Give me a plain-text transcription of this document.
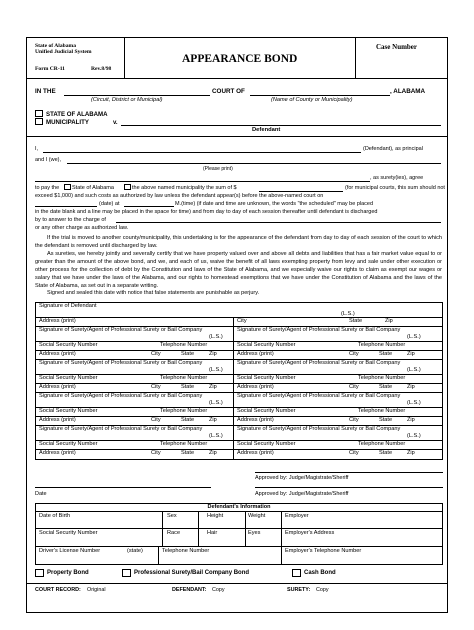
State of Alabama
Unified Judicial System
Form CR-11	Rev.8/98
APPEARANCE BOND
Case Number
IN THE	COURT OF	, ALABAMA
(Circuit, District or Municipal)	(Name of County or Municipality)
STATE OF ALABAMA
MUNICIPALITY	v.
Defendant
I,	(Defendant), as principal
and I (we),
(Please print)
, as surety(ies), agree
to pay the State of Alabama	the above named municipality the sum of $	(for municipal courts, this sum should not
exceed $1,000) and such costs as authorized by law unless the defendant appear(s) before the above-named court on
(date) at	M.(time) (if date and time are unknown, the words "the scheduled" may be placed
in the date blank and a line may be placed in the space for time) and from day to day of each session thereafter until defendant is discharged
by to answer to the charge of
or any other charge as authorized law.
If the trial is moved to another county/municipality, this undertaking is for the appearance of the defendant from day to day of each session of the court to which the defendant is removed until discharged by law.
As sureties, we hereby jointly and severally certify that we have property valued over and above all debts and liabilities that has a fair market value equal to or greater than the amount of the above bond, and we, and each of us, waive the benefit of all laws exempting property from levy and sale under other execution or other process for the collection of debt by the Constitution and laws of the State of Alabama, and we especially waive our rights to claim as exempt our wages or salary that we have under the laws of the Alabama, and our rights to homestead exemptions that we have under the Constitution of Alabama and the laws of the State of Alabama, as set out in a separate writing.
Signed and sealed this date with notice that false statements are punishable as perjury.
Signature of Defendant
(L.S.)
Address (print)	City	State	Zip
Signature of Surety/Agent of Professional Surety or Bail Company
(L.S.)
Social Security Number	Telephone Number
Address (print)	City	State	Zip
Signature of Surety/Agent of Professional Surety or Bail Company
(L.S.)
Social Security Number	Telephone Number
Address (print)	City	State	Zip
Signature of Surety/Agent of Professional Surety or Bail Company
(L.S.)
Social Security Number	Telephone Number
Address (print)	City	State	Zip
Signature of Surety/Agent of Professional Surety or Bail Company
(L.S.)
Social Security Number	Telephone Number
Address (print)	City	State	Zip
Signature of Surety/Agent of Professional Surety or Bail Company
(L.S.)
Social Security Number	Telephone Number
Address (print)	City	State	Zip
Signature of Surety/Agent of Professional Surety or Bail Company
(L.S.)
Social Security Number	Telephone Number
Address (print)	City	State	Zip
Signature of Surety/Agent of Professional Surety or Bail Company
(L.S.)
Social Security Number	Telephone Number
Address (print)	City	State	Zip
Signature of Surety/Agent of Professional Surety or Bail Company
(L.S.)
Social Security Number	Telephone Number
Address (print)	City	State	Zip
Approved by: Judge/Magistrate/Sheriff
Date	Approved by: Judge/Magistrate/Sheriff
Defendant's Information
Date of Birth	Sex	Height	Weight	Employer
Social Security Number	Race	Hair	Eyes	Employer's Address
Driver's License Number	(state)	Telephone Number	Employer's Telephone Number
Property Bond	Professional Surety/Bail Company Bond	Cash Bond
COURT RECORD: Original	DEFENDANT: Copy	SURETY: Copy
